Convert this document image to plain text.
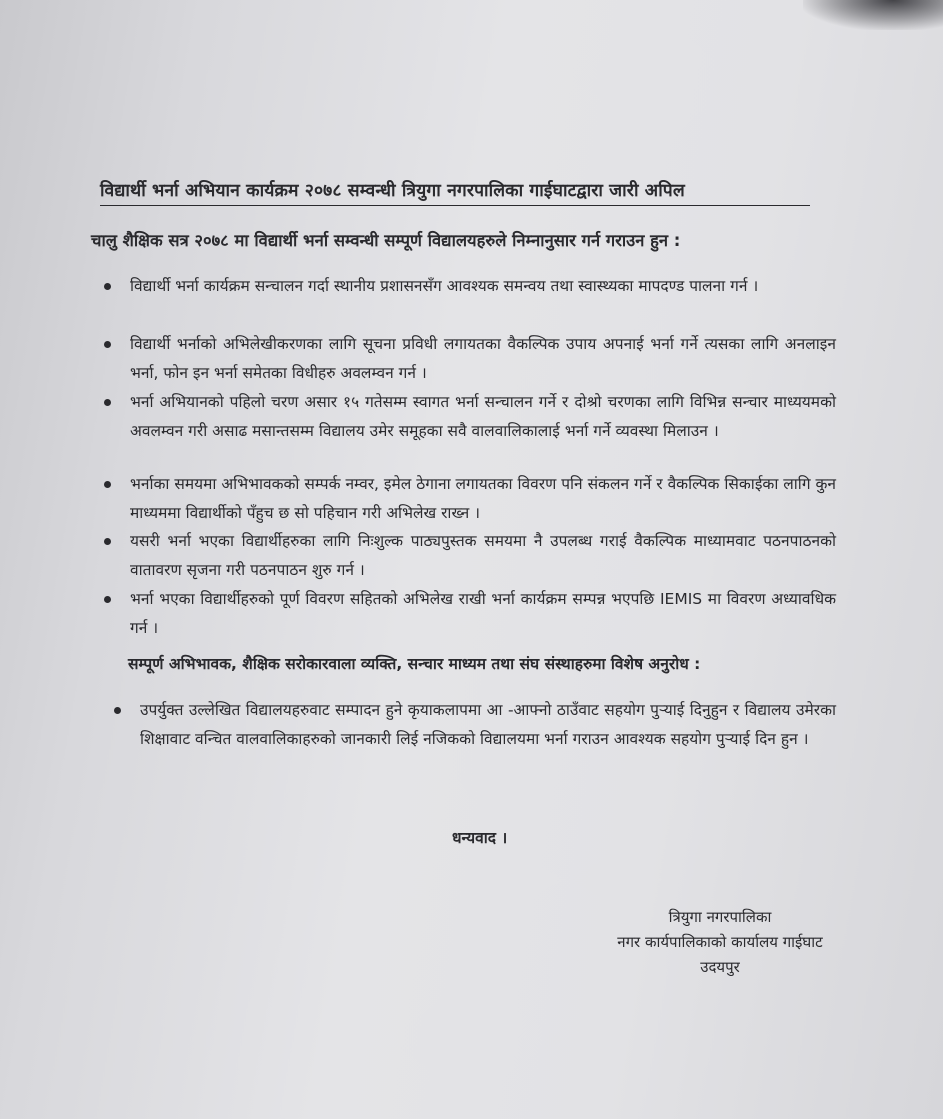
विद्यार्थी भर्ना अभियान कार्यक्रम २०७८ सम्वन्धी त्रियुगा नगरपालिका गाईघाटद्वारा जारी अपिल
चालु शैक्षिक सत्र २०७८ मा विद्यार्थी भर्ना सम्वन्धी सम्पूर्ण विद्यालयहरुले निम्नानुसार गर्न गराउन हुन :
विद्यार्थी भर्ना कार्यक्रम सन्चालन गर्दा स्थानीय प्रशासनसँग आवश्यक समन्वय तथा स्वास्थ्यका मापदण्ड पालना गर्न ।
विद्यार्थी भर्नाको अभिलेखीकरणका लागि सूचना प्रविधी लगायतका वैकल्पिक उपाय अपनाई भर्ना गर्ने त्यसका लागि अनलाइन भर्ना, फोन इन भर्ना समेतका विधीहरु अवलम्वन गर्न ।
भर्ना अभियानको पहिलो चरण असार १५ गतेसम्म स्वागत भर्ना सन्चालन गर्ने र दोश्रो चरणका लागि विभिन्न सन्चार माध्ययमको अवलम्वन गरी असाढ मसान्तसम्म विद्यालय उमेर समूहका सवै वालवालिकालाई भर्ना गर्ने व्यवस्था मिलाउन ।
भर्नाका समयमा अभिभावकको सम्पर्क नम्वर, इमेल ठेगाना लगायतका विवरण पनि संकलन गर्ने र वैकल्पिक सिकाईका लागि कुन माध्यममा विद्यार्थीको पँहुच छ सो पहिचान गरी अभिलेख राख्न ।
यसरी भर्ना भएका विद्यार्थीहरुका लागि निःशुल्क पाठ्यपुस्तक समयमा नै उपलब्ध गराई वैकल्पिक माध्यामवाट पठनपाठनको वातावरण सृजना गरी पठनपाठन शुरु गर्न ।
भर्ना भएका विद्यार्थीहरुको पूर्ण विवरण सहितको अभिलेख राखी भर्ना कार्यक्रम सम्पन्न भएपछि IEMIS मा विवरण अध्यावधिक गर्न ।
सम्पूर्ण अभिभावक, शैक्षिक सरोकारवाला व्यक्ति, सन्चार माध्यम तथा संघ संस्थाहरुमा विशेष अनुरोध :
उपर्युक्त उल्लेखित विद्यालयहरुवाट सम्पादन हुने कृयाकलापमा आ -आफ्नो ठाउँवाट सहयोग पुऱ्याई दिनुहुन र विद्यालय उमेरका शिक्षावाट वन्चित वालवालिकाहरुको जानकारी लिई नजिकको विद्यालयमा भर्ना गराउन आवश्यक सहयोग पुऱ्याई दिन हुन ।
धन्यवाद ।
त्रियुगा नगरपालिका
नगर कार्यपालिकाको कार्यालय गाईघाट
उदयपुर
